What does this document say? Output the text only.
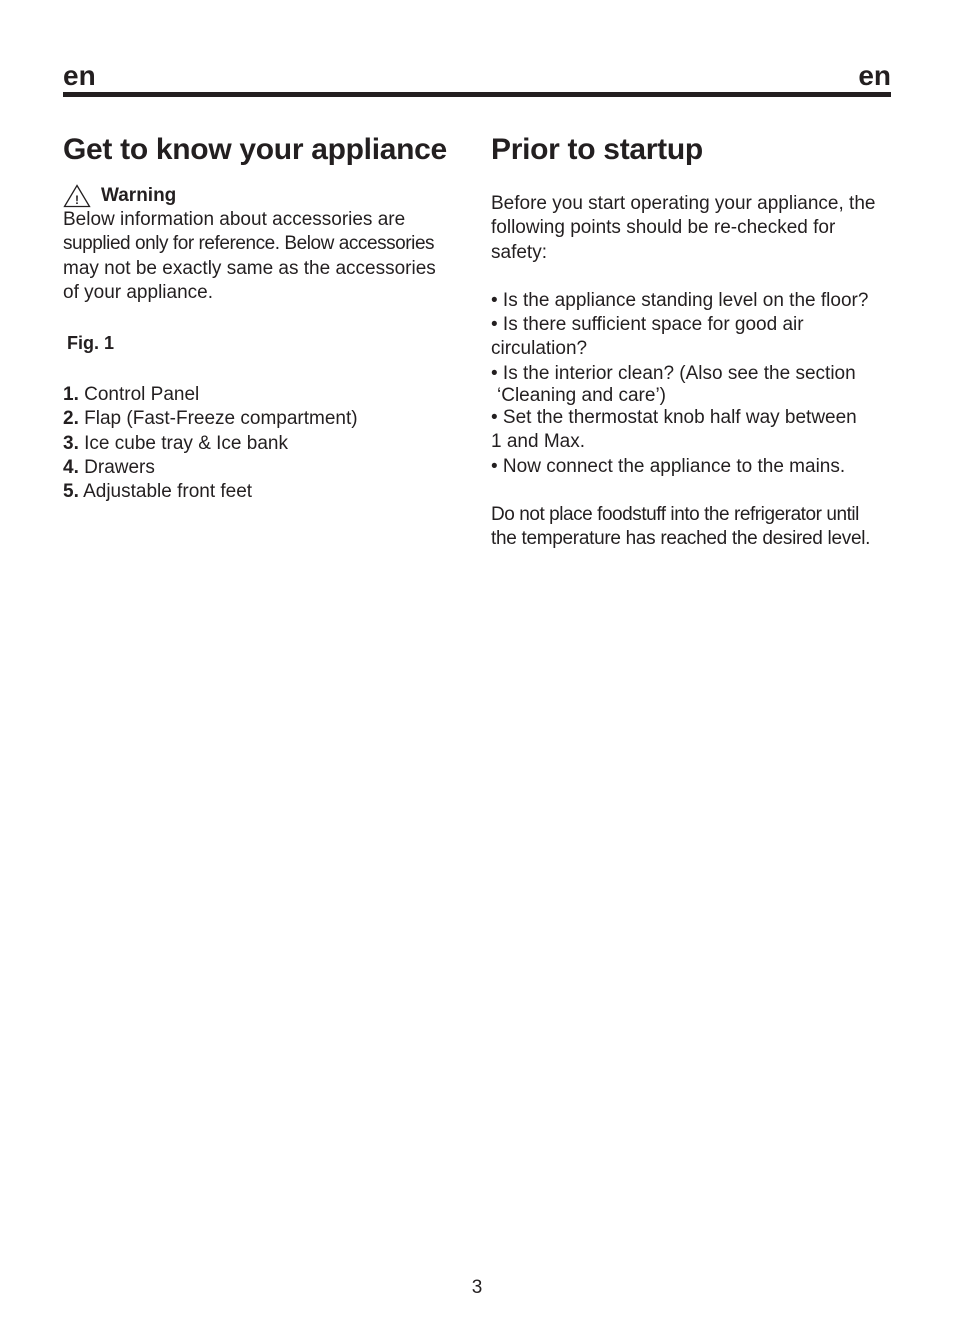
en	en
Get to know your appliance
! Warning
Below information about accessories are
supplied only for reference. Below accessories
may not be exactly same as the accessories
of your appliance.
Fig. 1
1. Control Panel
2. Flap (Fast-Freeze compartment)
3. Ice cube tray & Ice bank
4. Drawers
5. Adjustable front feet
Prior to startup
Before you start operating your appliance, the
following points should be re-checked for
safety:
• Is the appliance standing level on the floor?
• Is there sufficient space for good air
circulation?
• Is the interior clean? (Also see the section
‘Cleaning and care’)
• Set the thermostat knob half way between
1 and Max.
• Now connect the appliance to the mains.
Do not place foodstuff into the refrigerator until
the temperature has reached the desired level.
3
